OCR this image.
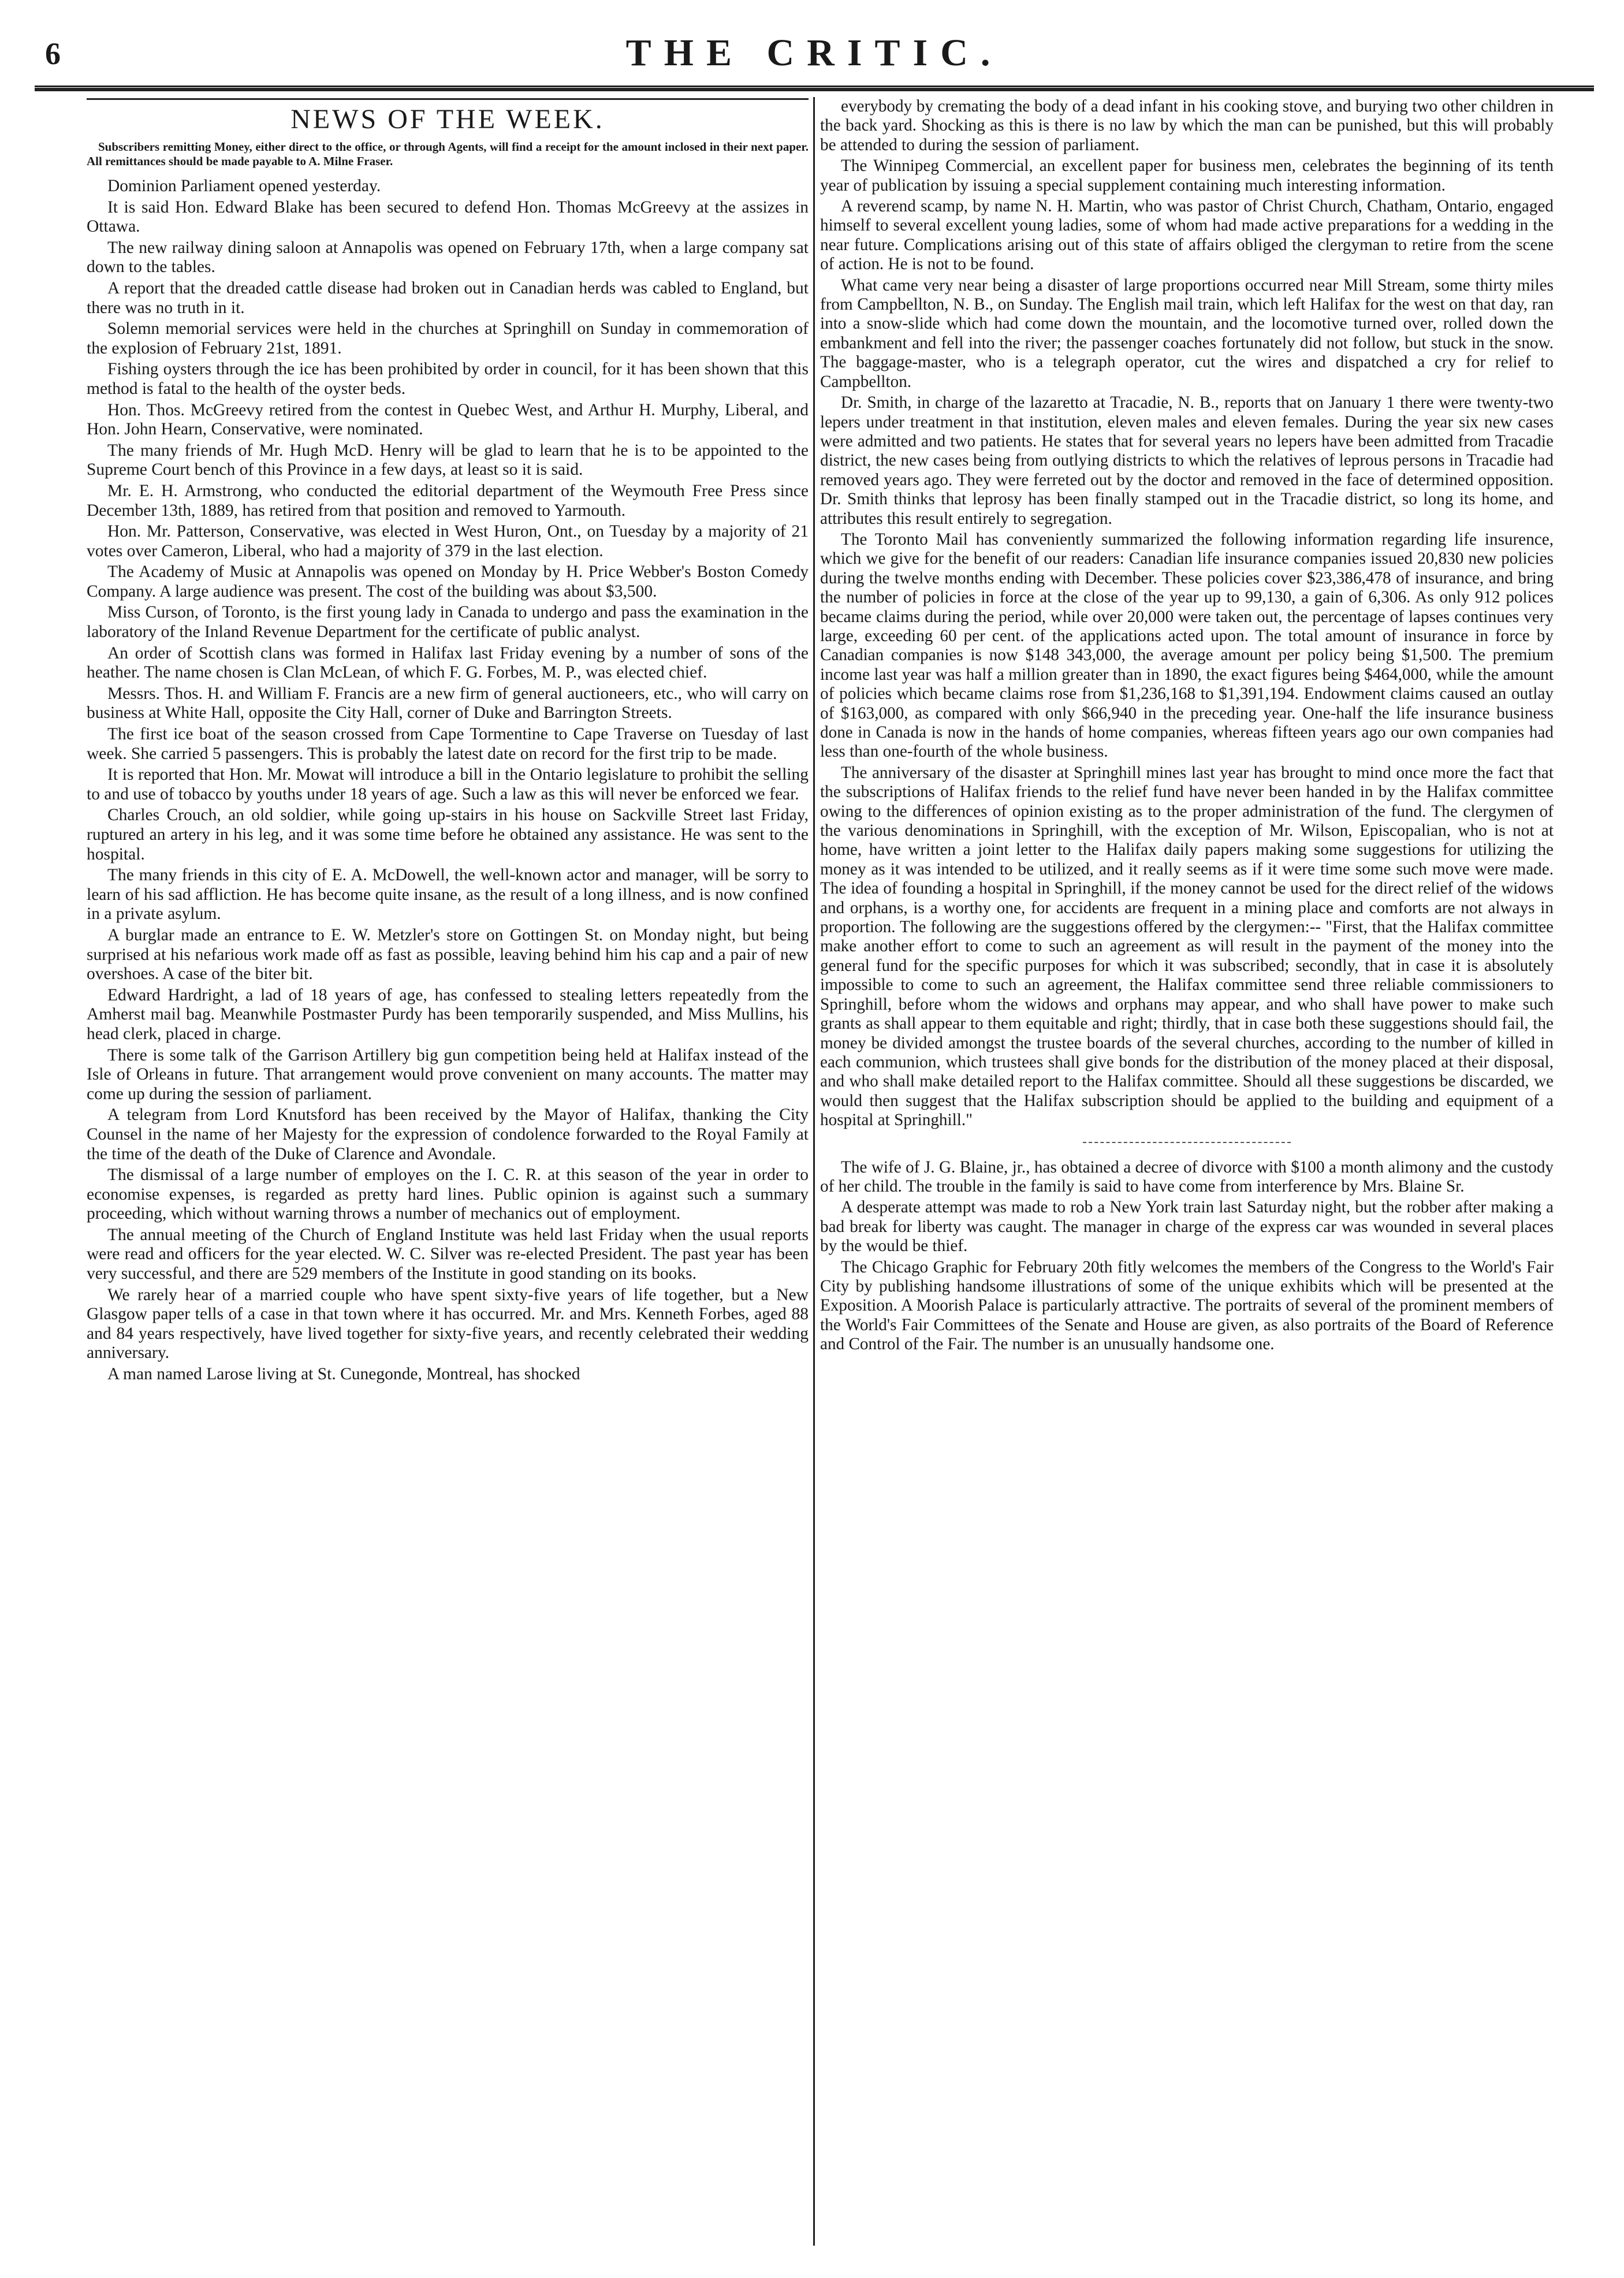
6	THE CRITIC.
NEWS OF THE WEEK.

Subscribers remitting Money, either direct to the office, or through Agents, will find a receipt for the amount inclosed in their next paper. All remittances should be made payable to A. Milne Fraser.

Dominion Parliament opened yesterday.

It is said Hon. Edward Blake has been secured to defend Hon. Thomas McGreevy at the assizes in Ottawa.

The new railway dining saloon at Annapolis was opened on February 17th, when a large company sat down to the tables.

A report that the dreaded cattle disease had broken out in Canadian herds was cabled to England, but there was no truth in it.

Solemn memorial services were held in the churches at Springhill on Sunday in commemoration of the explosion of February 21st, 1891.

Fishing oysters through the ice has been prohibited by order in council, for it has been shown that this method is fatal to the health of the oyster beds.

Hon. Thos. McGreevy retired from the contest in Quebec West, and Arthur H. Murphy, Liberal, and Hon. John Hearn, Conservative, were nominated.

The many friends of Mr. Hugh McD. Henry will be glad to learn that he is to be appointed to the Supreme Court bench of this Province in a few days, at least so it is said.

Mr. E. H. Armstrong, who conducted the editorial department of the Weymouth Free Press since December 13th, 1889, has retired from that position and removed to Yarmouth.

Hon. Mr. Patterson, Conservative, was elected in West Huron, Ont., on Tuesday by a majority of 21 votes over Cameron, Liberal, who had a majority of 379 in the last election.

The Academy of Music at Annapolis was opened on Monday by H. Price Webber's Boston Comedy Company. A large audience was present. The cost of the building was about $3,500.

Miss Curson, of Toronto, is the first young lady in Canada to undergo and pass the examination in the laboratory of the Inland Revenue Department for the certificate of public analyst.

An order of Scottish clans was formed in Halifax last Friday evening by a number of sons of the heather. The name chosen is Clan McLean, of which F. G. Forbes, M. P., was elected chief.

Messrs. Thos. H. and William F. Francis are a new firm of general auctioneers, etc., who will carry on business at White Hall, opposite the City Hall, corner of Duke and Barrington Streets.

The first ice boat of the season crossed from Cape Tormentine to Cape Traverse on Tuesday of last week. She carried 5 passengers. This is probably the latest date on record for the first trip to be made.

It is reported that Hon. Mr. Mowat will introduce a bill in the Ontario legislature to prohibit the selling to and use of tobacco by youths under 18 years of age. Such a law as this will never be enforced we fear.

Charles Crouch, an old soldier, while going up-stairs in his house on Sackville Street last Friday, ruptured an artery in his leg, and it was some time before he obtained any assistance. He was sent to the hospital.

The many friends in this city of E. A. McDowell, the well-known actor and manager, will be sorry to learn of his sad affliction. He has become quite insane, as the result of a long illness, and is now confined in a private asylum.

A burglar made an entrance to E. W. Metzler's store on Gottingen St. on Monday night, but being surprised at his nefarious work made off as fast as possible, leaving behind him his cap and a pair of new overshoes. A case of the biter bit.

Edward Hardright, a lad of 18 years of age, has confessed to stealing letters repeatedly from the Amherst mail bag. Meanwhile Postmaster Purdy has been temporarily suspended, and Miss Mullins, his head clerk, placed in charge.

There is some talk of the Garrison Artillery big gun competition being held at Halifax instead of the Isle of Orleans in future. That arrangement would prove convenient on many accounts. The matter may come up during the session of parliament.

A telegram from Lord Knutsford has been received by the Mayor of Halifax, thanking the City Counsel in the name of her Majesty for the expression of condolence forwarded to the Royal Family at the time of the death of the Duke of Clarence and Avondale.

The dismissal of a large number of employes on the I. C. R. at this season of the year in order to economise expenses, is regarded as pretty hard lines. Public opinion is against such a summary proceeding, which without warning throws a number of mechanics out of employment.

The annual meeting of the Church of England Institute was held last Friday when the usual reports were read and officers for the year elected. W. C. Silver was re-elected President. The past year has been very successful, and there are 529 members of the Institute in good standing on its books.

We rarely hear of a married couple who have spent sixty-five years of life together, but a New Glasgow paper tells of a case in that town where it has occurred. Mr. and Mrs. Kenneth Forbes, aged 88 and 84 years respectively, have lived together for sixty-five years, and recently celebrated their wedding anniversary.

A man named Larose living at St. Cunegonde, Montreal, has shocked

everybody by cremating the body of a dead infant in his cooking stove, and burying two other children in the back yard. Shocking as this is there is no law by which the man can be punished, but this will probably be attended to during the session of parliament.

The Winnipeg Commercial, an excellent paper for business men, celebrates the beginning of its tenth year of publication by issuing a special supplement containing much interesting information.

A reverend scamp, by name N. H. Martin, who was pastor of Christ Church, Chatham, Ontario, engaged himself to several excellent young ladies, some of whom had made active preparations for a wedding in the near future. Complications arising out of this state of affairs obliged the clergyman to retire from the scene of action. He is not to be found.

What came very near being a disaster of large proportions occurred near Mill Stream, some thirty miles from Campbellton, N. B., on Sunday. The English mail train, which left Halifax for the west on that day, ran into a snow-slide which had come down the mountain, and the locomotive turned over, rolled down the embankment and fell into the river; the passenger coaches fortunately did not follow, but stuck in the snow. The baggage-master, who is a telegraph operator, cut the wires and dispatched a cry for relief to Campbellton.

Dr. Smith, in charge of the lazaretto at Tracadie, N. B., reports that on January 1 there were twenty-two lepers under treatment in that institution, eleven males and eleven females. During the year six new cases were admitted and two patients. He states that for several years no lepers have been admitted from Tracadie district, the new cases being from outlying districts to which the relatives of leprous persons in Tracadie had removed years ago. They were ferreted out by the doctor and removed in the face of determined opposition. Dr. Smith thinks that leprosy has been finally stamped out in the Tracadie district, so long its home, and attributes this result entirely to segregation.

The Toronto Mail has conveniently summarized the following information regarding life insurence, which we give for the benefit of our readers: Canadian life insurance companies issued 20,830 new policies during the twelve months ending with December. These policies cover $23,386,478 of insurance, and bring the number of policies in force at the close of the year up to 99,130, a gain of 6,306. As only 912 polices became claims during the period, while over 20,000 were taken out, the percentage of lapses continues very large, exceeding 60 per cent. of the applications acted upon. The total amount of insurance in force by Canadian companies is now $148 343,000, the average amount per policy being $1,500. The premium income last year was half a million greater than in 1890, the exact figures being $464,000, while the amount of policies which became claims rose from $1,236,168 to $1,391,194. Endowment claims caused an outlay of $163,000, as compared with only $66,940 in the preceding year. One-half the life insurance business done in Canada is now in the hands of home companies, whereas fifteen years ago our own companies had less than one-fourth of the whole business.

The anniversary of the disaster at Springhill mines last year has brought to mind once more the fact that the subscriptions of Halifax friends to the relief fund have never been handed in by the Halifax committee owing to the differences of opinion existing as to the proper administration of the fund. The clergymen of the various denominations in Springhill, with the exception of Mr. Wilson, Episcopalian, who is not at home, have written a joint letter to the Halifax daily papers making some suggestions for utilizing the money as it was intended to be utilized, and it really seems as if it were time some such move were made. The idea of founding a hospital in Springhill, if the money cannot be used for the direct relief of the widows and orphans, is a worthy one, for accidents are frequent in a mining place and comforts are not always in proportion. The following are the suggestions offered by the clergymen:-- "First, that the Halifax committee make another effort to come to such an agreement as will result in the payment of the money into the general fund for the specific purposes for which it was subscribed; secondly, that in case it is absolutely impossible to come to such an agreement, the Halifax committee send three reliable commissioners to Springhill, before whom the widows and orphans may appear, and who shall have power to make such grants as shall appear to them equitable and right; thirdly, that in case both these suggestions should fail, the money be divided amongst the trustee boards of the several churches, according to the number of killed in each communion, which trustees shall give bonds for the distribution of the money placed at their disposal, and who shall make detailed report to the Halifax committee. Should all these suggestions be discarded, we would then suggest that the Halifax subscription should be applied to the building and equipment of a hospital at Springhill."

The wife of J. G. Blaine, jr., has obtained a decree of divorce with $100 a month alimony and the custody of her child. The trouble in the family is said to have come from interference by Mrs. Blaine Sr.

A desperate attempt was made to rob a New York train last Saturday night, but the robber after making a bad break for liberty was caught. The manager in charge of the express car was wounded in several places by the would be thief.

The Chicago Graphic for February 20th fitly welcomes the members of the Congress to the World's Fair City by publishing handsome illustrations of some of the unique exhibits which will be presented at the Exposition. A Moorish Palace is particularly attractive. The portraits of several of the prominent members of the World's Fair Committees of the Senate and House are given, as also portraits of the Board of Reference and Control of the Fair. The number is an unusually handsome one.
